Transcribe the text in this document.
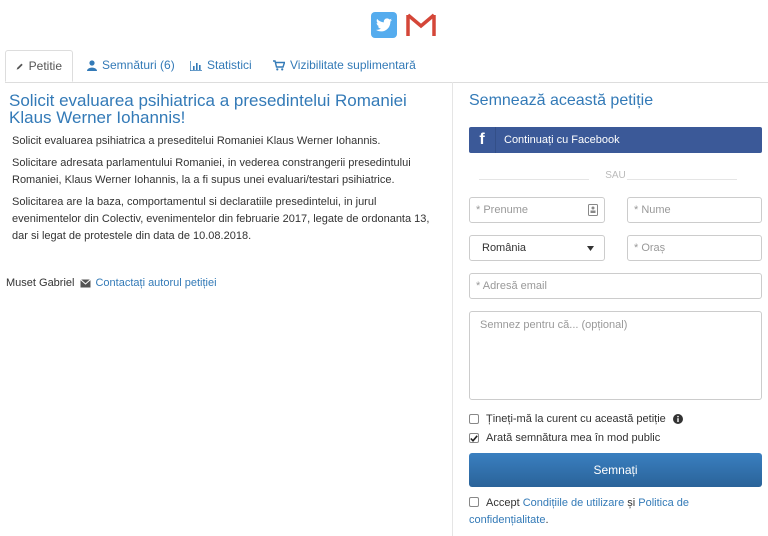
Petitie	Semnături (6)	Statistici	Vizibilitate suplimentară
Solicit evaluarea psihiatrica a presedintelui Romaniei Klaus Werner Iohannis!

Solicit evaluarea psihiatrica a preseditelui Romaniei Klaus Werner Iohannis.

Solicitare adresata parlamentului Romaniei, in vederea constrangerii presedintului Romaniei, Klaus Werner Iohannis, la a fi supus unei evaluari/testari psihiatrice.

Solicitarea are la baza, comportamentul si declaratiile presedintelui, in jurul evenimentelor din Colectiv, evenimentelor din februarie 2017, legate de ordonanta 13, dar si legat de protestele din data de 10.08.2018.

Muset Gabriel Contactați autorul petiției
Semnează această petiție
f	Continuați cu Facebook
SAU
* Prenume	* Nume
România	* Oraș
* Adresă email
Semnez pentru că... (opțional)
Țineți-mă la curent cu această petiție
Arată semnătura mea în mod public
Semnați
Accept Condițiile de utilizare și Politica de confidențialitate.
